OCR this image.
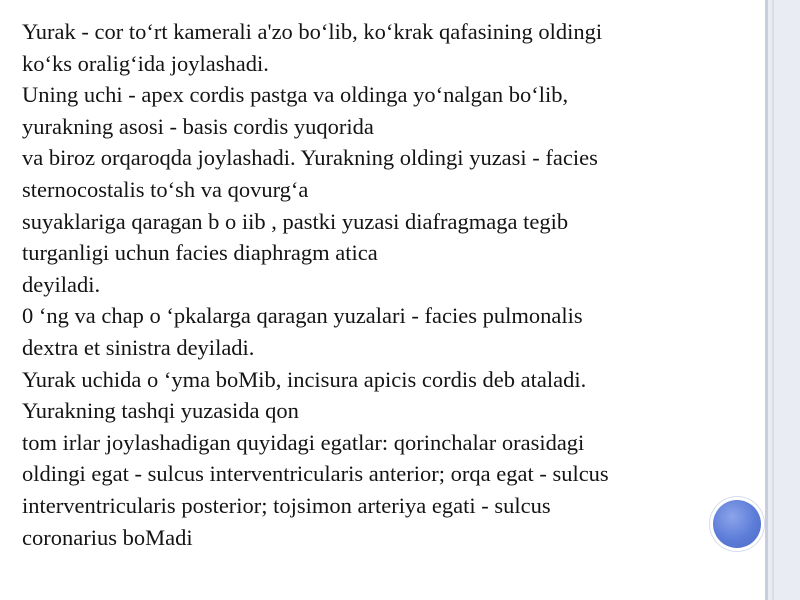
Yurak - cor to‘rt kamerali a'zo bo‘lib, ko‘krak qafasining oldingi
ko‘ks oralig‘ida joylashadi.
Uning uchi - apex cordis pastga va oldinga yo‘nalgan bo‘lib,
yurakning asosi - basis cordis yuqorida
va biroz orqaroqda joylashadi. Yurakning oldingi yuzasi - facies
sternocostalis to‘sh va qovurg‘a
suyaklariga qaragan b o iib , pastki yuzasi diafragmaga tegib
turganligi uchun facies diaphragm atica
deyiladi.
0 ‘ng va chap o ‘pkalarga qaragan yuzalari - facies pulmonalis
dextra et sinistra deyiladi.
Yurak uchida o ‘yma boMib, incisura apicis cordis deb ataladi.
Yurakning tashqi yuzasida qon
tom irlar joylashadigan quyidagi egatlar: qorinchalar orasidagi
oldingi egat - sulcus interventricularis anterior; orqa egat - sulcus
interventricularis posterior; tojsimon arteriya egati - sulcus
coronarius boMadi
